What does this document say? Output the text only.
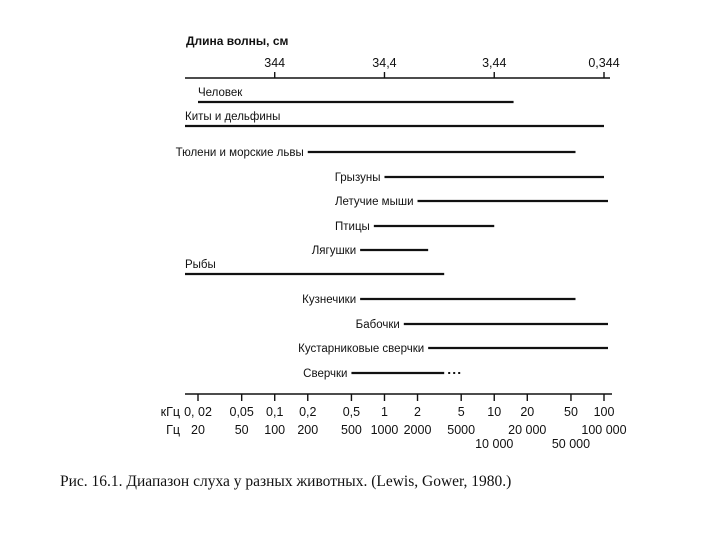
Длина волны, см
344	34,4	3,44	0,344
Человек
Киты и дельфины
Тюлени и морские львы
Грызуны
Летучие мыши
Птицы
Лягушки
Рыбы
Кузнечики
Бабочки
Кустарниковые сверчки
Сверчки
кГц
Гц
0, 02
20
0,05
50
0,1
100
0,2
200
0,5
500
1
1000
2
2000
5
5000
10
10 000
20
20 000
50
50 000
100
100 000
Рис. 16.1. Диапазон слуха у разных животных. (Lewis, Gower, 1980.)
